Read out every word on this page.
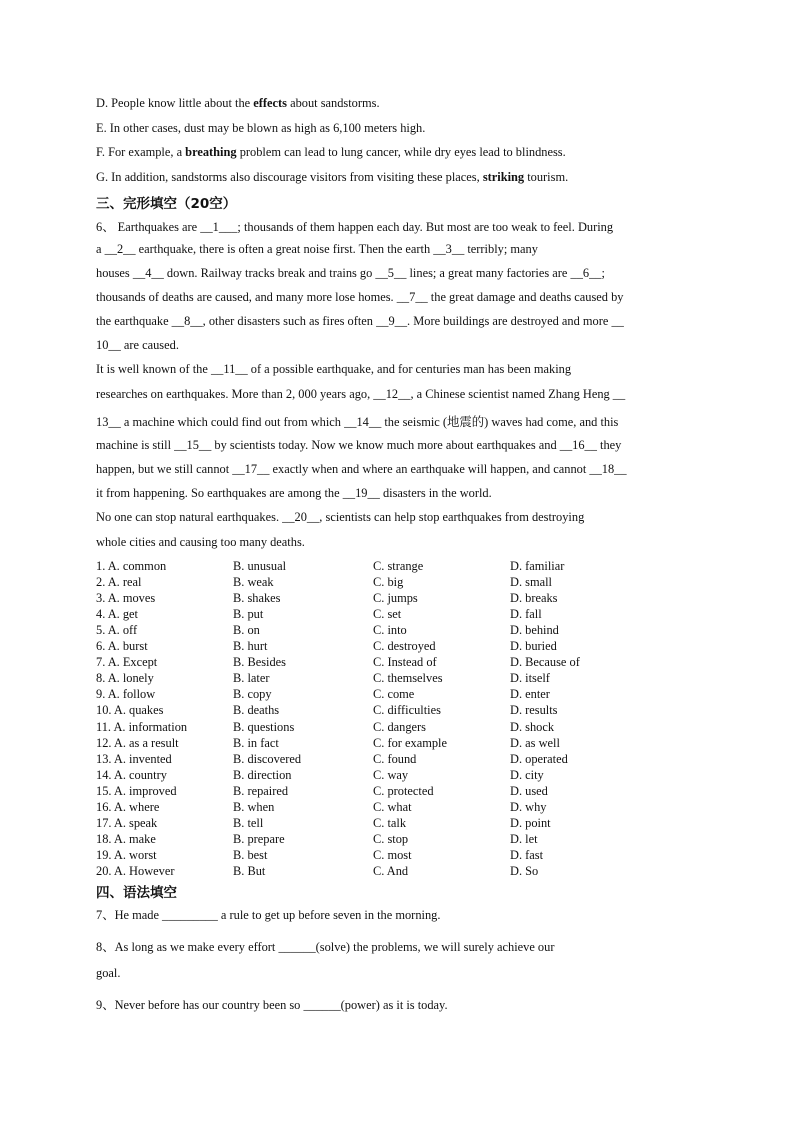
D. People know little about the effects about sandstorms.
E. In other cases, dust may be blown as high as 6,100 meters high.
F. For example, a breathing problem can lead to lung cancer, while dry eyes lead to blindness.
G. In addition, sandstorms also discourage visitors from visiting these places, striking tourism.
三、完形填空（20空）
6、 Earthquakes are __1___; thousands of them happen each day. But most are too weak to feel. During
a __2__ earthquake, there is often a great noise first. Then the earth __3__ terribly; many
houses __4__ down. Railway tracks break and trains go __5__ lines; a great many factories are __6__;
thousands of deaths are caused, and many more lose homes. __7__ the great damage and deaths caused by
the earthquake __8__, other disasters such as fires often __9__. More buildings are destroyed and more __
10__ are caused.
It is well known of the __11__ of a possible earthquake, and for centuries man has been making
researches on earthquakes. More than 2, 000 years ago, __12__, a Chinese scientist named Zhang Heng __
13__ a machine which could find out from which __14__ the seismic (地震的) waves had come, and this
machine is still __15__ by scientists today. Now we know much more about earthquakes and __16__ they
happen, but we still cannot __17__ exactly when and where an earthquake will happen, and cannot __18__
it from happening. So earthquakes are among the __19__ disasters in the world.
No one can stop natural earthquakes. __20__, scientists can help stop earthquakes from destroying
whole cities and causing too many deaths.
1. A. common	B. unusual	C. strange	D. familiar
2. A. real	B. weak	C. big	D. small
3. A. moves	B. shakes	C. jumps	D. breaks
4. A. get	B. put	C. set	D. fall
5. A. off	B. on	C. into	D. behind
6. A. burst	B. hurt	C. destroyed	D. buried
7. A. Except	B. Besides	C. Instead of	D. Because of
8. A. lonely	B. later	C. themselves	D. itself
9. A. follow	B. copy	C. come	D. enter
10. A. quakes	B. deaths	C. difficulties	D. results
11. A. information	B. questions	C. dangers	D. shock
12. A. as a result	B. in fact	C. for example	D. as well
13. A. invented	B. discovered	C. found	D. operated
14. A. country	B. direction	C. way	D. city
15. A. improved	B. repaired	C. protected	D. used
16. A. where	B. when	C. what	D. why
17. A. speak	B. tell	C. talk	D. point
18. A. make	B. prepare	C. stop	D. let
19. A. worst	B. best	C. most	D. fast
20. A. However	B. But	C. And	D. So
四、语法填空
7、He made _________ a rule to get up before seven in the morning.
8、As long as we make every effort ______(solve) the problems, we will surely achieve our
goal.
9、Never before has our country been so ______(power) as it is today.
